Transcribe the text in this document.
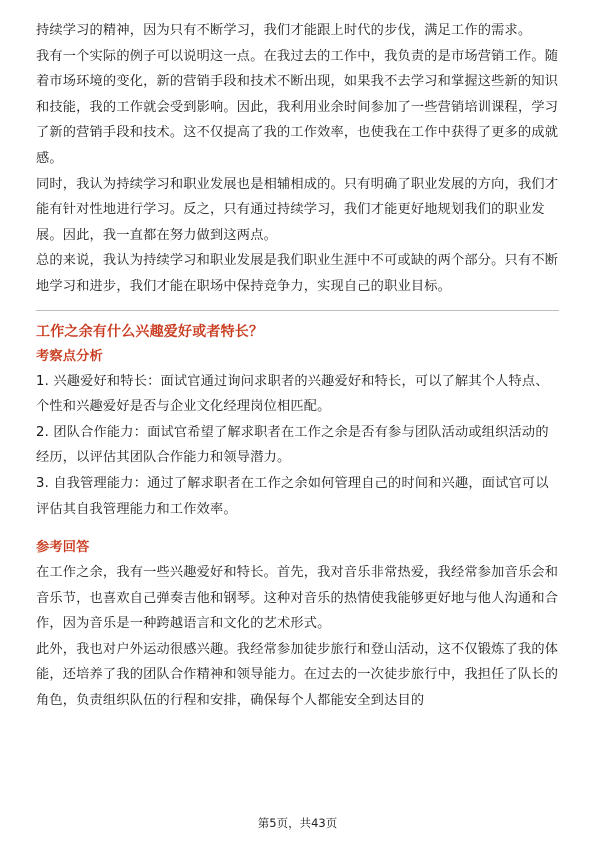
持续学习的精神，因为只有不断学习，我们才能跟上时代的步伐，满足工作的需求。

我有一个实际的例子可以说明这一点。在我过去的工作中，我负责的是市场营销工作。随着市场环境的变化，新的营销手段和技术不断出现，如果我不去学习和掌握这些新的知识和技能，我的工作就会受到影响。因此，我利用业余时间参加了一些营销培训课程，学习了新的营销手段和技术。这不仅提高了我的工作效率，也使我在工作中获得了更多的成就感。

同时，我认为持续学习和职业发展也是相辅相成的。只有明确了职业发展的方向，我们才能有针对性地进行学习。反之，只有通过持续学习，我们才能更好地规划我们的职业发展。因此，我一直都在努力做到这两点。

总的来说，我认为持续学习和职业发展是我们职业生涯中不可或缺的两个部分。只有不断地学习和进步，我们才能在职场中保持竞争力，实现自己的职业目标。

工作之余有什么兴趣爱好或者特长？

考察点分析

1. 兴趣爱好和特长：面试官通过询问求职者的兴趣爱好和特长，可以了解其个人特点、个性和兴趣爱好是否与企业文化经理岗位相匹配。

2. 团队合作能力：面试官希望了解求职者在工作之余是否有参与团队活动或组织活动的经历，以评估其团队合作能力和领导潜力。

3. 自我管理能力：通过了解求职者在工作之余如何管理自己的时间和兴趣，面试官可以评估其自我管理能力和工作效率。

参考回答

在工作之余，我有一些兴趣爱好和特长。首先，我对音乐非常热爱，我经常参加音乐会和音乐节，也喜欢自己弹奏吉他和钢琴。这种对音乐的热情使我能够更好地与他人沟通和合作，因为音乐是一种跨越语言和文化的艺术形式。

此外，我也对户外运动很感兴趣。我经常参加徒步旅行和登山活动，这不仅锻炼了我的体能，还培养了我的团队合作精神和领导能力。在过去的一次徒步旅行中，我担任了队长的角色，负责组织队伍的行程和安排，确保每个人都能安全到达目的

第5页，共43页
